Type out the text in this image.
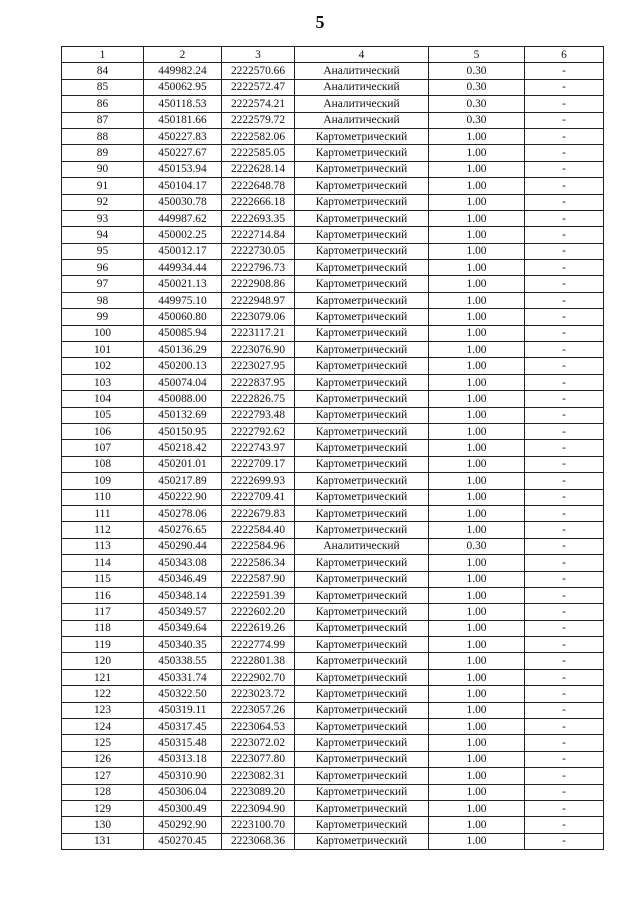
5
1	2	3	4	5	6
84	449982.24	2222570.66	Аналитический	0.30	-
85	450062.95	2222572.47	Аналитический	0.30	-
86	450118.53	2222574.21	Аналитический	0.30	-
87	450181.66	2222579.72	Аналитический	0.30	-
88	450227.83	2222582.06	Картометрический	1.00	-
89	450227.67	2222585.05	Картометрический	1.00	-
90	450153.94	2222628.14	Картометрический	1.00	-
91	450104.17	2222648.78	Картометрический	1.00	-
92	450030.78	2222666.18	Картометрический	1.00	-
93	449987.62	2222693.35	Картометрический	1.00	-
94	450002.25	2222714.84	Картометрический	1.00	-
95	450012.17	2222730.05	Картометрический	1.00	-
96	449934.44	2222796.73	Картометрический	1.00	-
97	450021.13	2222908.86	Картометрический	1.00	-
98	449975.10	2222948.97	Картометрический	1.00	-
99	450060.80	2223079.06	Картометрический	1.00	-
100	450085.94	2223117.21	Картометрический	1.00	-
101	450136.29	2223076.90	Картометрический	1.00	-
102	450200.13	2223027.95	Картометрический	1.00	-
103	450074.04	2222837.95	Картометрический	1.00	-
104	450088.00	2222826.75	Картометрический	1.00	-
105	450132.69	2222793.48	Картометрический	1.00	-
106	450150.95	2222792.62	Картометрический	1.00	-
107	450218.42	2222743.97	Картометрический	1.00	-
108	450201.01	2222709.17	Картометрический	1.00	-
109	450217.89	2222699.93	Картометрический	1.00	-
110	450222.90	2222709.41	Картометрический	1.00	-
111	450278.06	2222679.83	Картометрический	1.00	-
112	450276.65	2222584.40	Картометрический	1.00	-
113	450290.44	2222584.96	Аналитический	0.30	-
114	450343.08	2222586.34	Картометрический	1.00	-
115	450346.49	2222587.90	Картометрический	1.00	-
116	450348.14	2222591.39	Картометрический	1.00	-
117	450349.57	2222602.20	Картометрический	1.00	-
118	450349.64	2222619.26	Картометрический	1.00	-
119	450340.35	2222774.99	Картометрический	1.00	-
120	450338.55	2222801.38	Картометрический	1.00	-
121	450331.74	2222902.70	Картометрический	1.00	-
122	450322.50	2223023.72	Картометрический	1.00	-
123	450319.11	2223057.26	Картометрический	1.00	-
124	450317.45	2223064.53	Картометрический	1.00	-
125	450315.48	2223072.02	Картометрический	1.00	-
126	450313.18	2223077.80	Картометрический	1.00	-
127	450310.90	2223082.31	Картометрический	1.00	-
128	450306.04	2223089.20	Картометрический	1.00	-
129	450300.49	2223094.90	Картометрический	1.00	-
130	450292.90	2223100.70	Картометрический	1.00	-
131	450270.45	2223068.36	Картометрический	1.00	-
